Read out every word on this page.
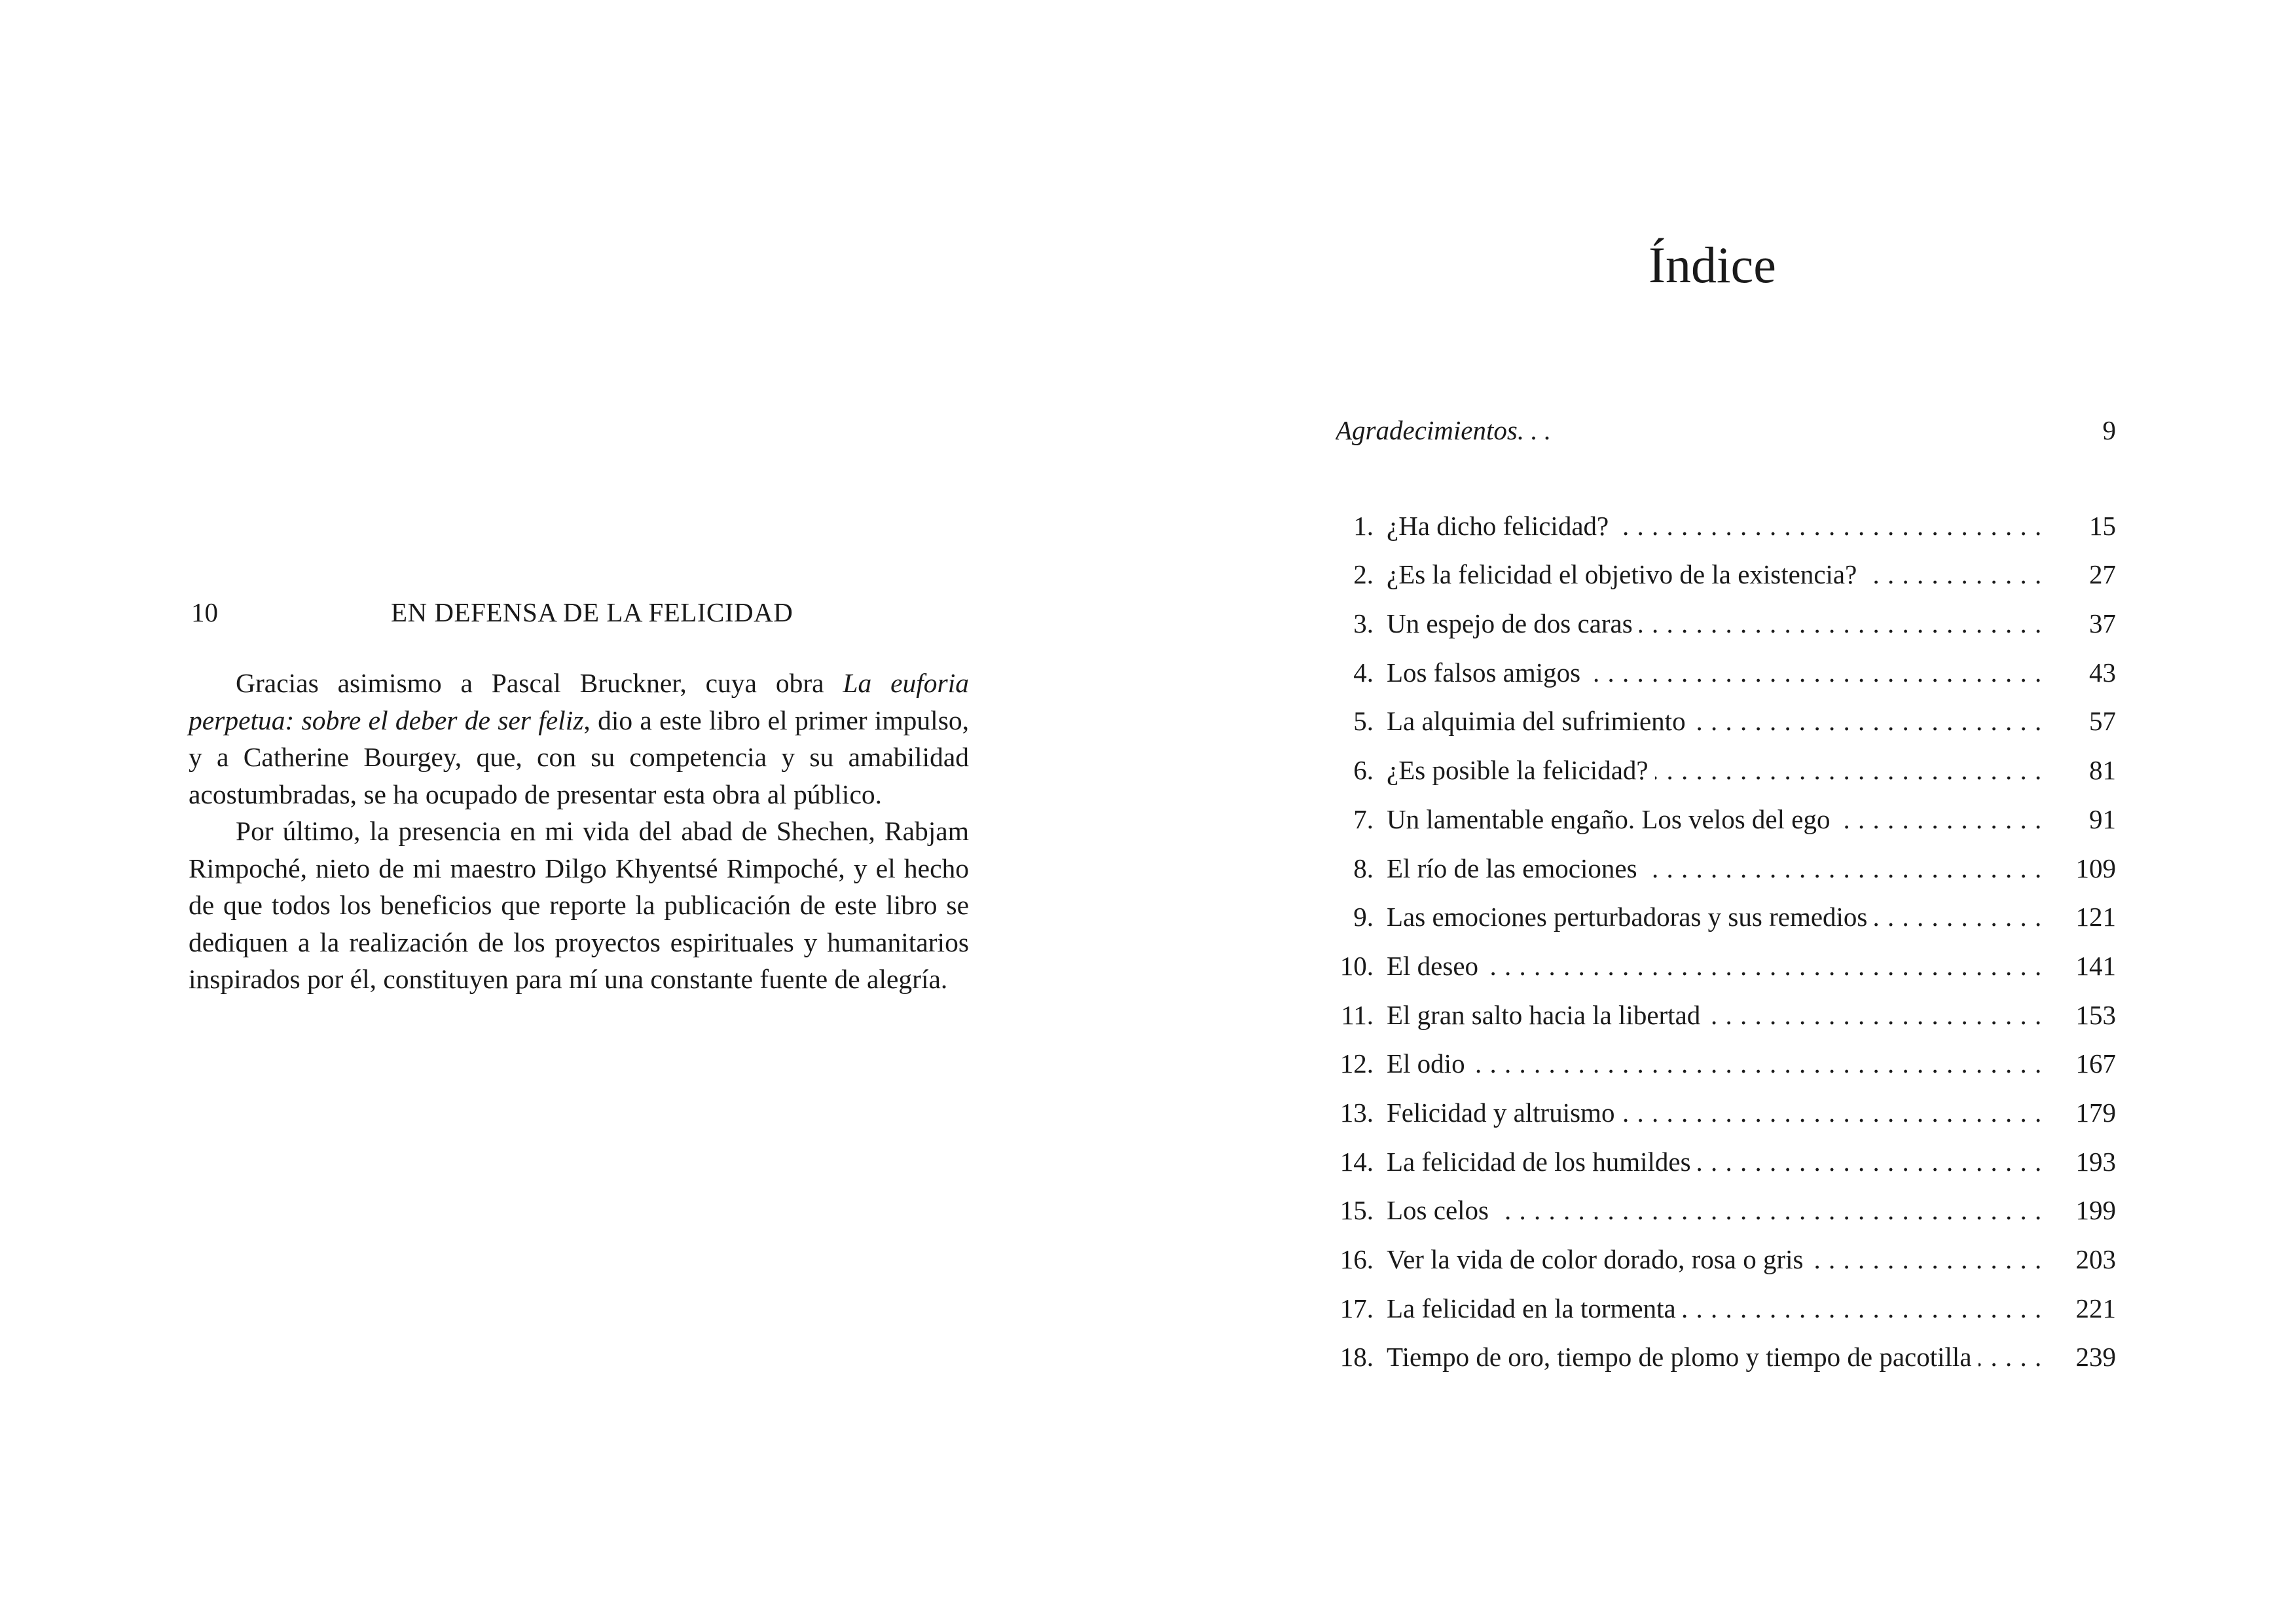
10	EN DEFENSA DE LA FELICIDAD

Gracias asimismo a Pascal Bruckner, cuya obra La euforia perpetua: sobre el deber de ser feliz, dio a este libro el primer impulso, y a Catherine Bourgey, que, con su competencia y su amabilidad acostumbradas, se ha ocupado de presentar esta obra al público.

Por último, la presencia en mi vida del abad de Shechen, Rabjam Rimpoché, nieto de mi maestro Dilgo Khyentsé Rimpoché, y el hecho de que todos los beneficios que reporte la publicación de este libro se dediquen a la realización de los proyectos espirituales y humanitarios inspirados por él, constituyen para mí una constante fuente de alegría.

Índice
Agradecimientos. . .	9
1. ¿Ha dicho felicidad? . . .	15
2. ¿Es la felicidad el objetivo de la existencia? . . .	27
3. Un espejo de dos caras . . .	37
4. Los falsos amigos . . .	43
5. La alquimia del sufrimiento . . .	57
6. ¿Es posible la felicidad? . . .	81
7. Un lamentable engaño. Los velos del ego . . .	91
8. El río de las emociones . . .	109
9. Las emociones perturbadoras y sus remedios . . .	121
10. El deseo . . .	141
11. El gran salto hacia la libertad . . .	153
12. El odio . . .	167
13. Felicidad y altruismo . . .	179
14. La felicidad de los humildes . . .	193
15. Los celos . . .	199
16. Ver la vida de color dorado, rosa o gris . . .	203
17. La felicidad en la tormenta . . .	221
18. Tiempo de oro, tiempo de plomo y tiempo de pacotilla . . .	239
